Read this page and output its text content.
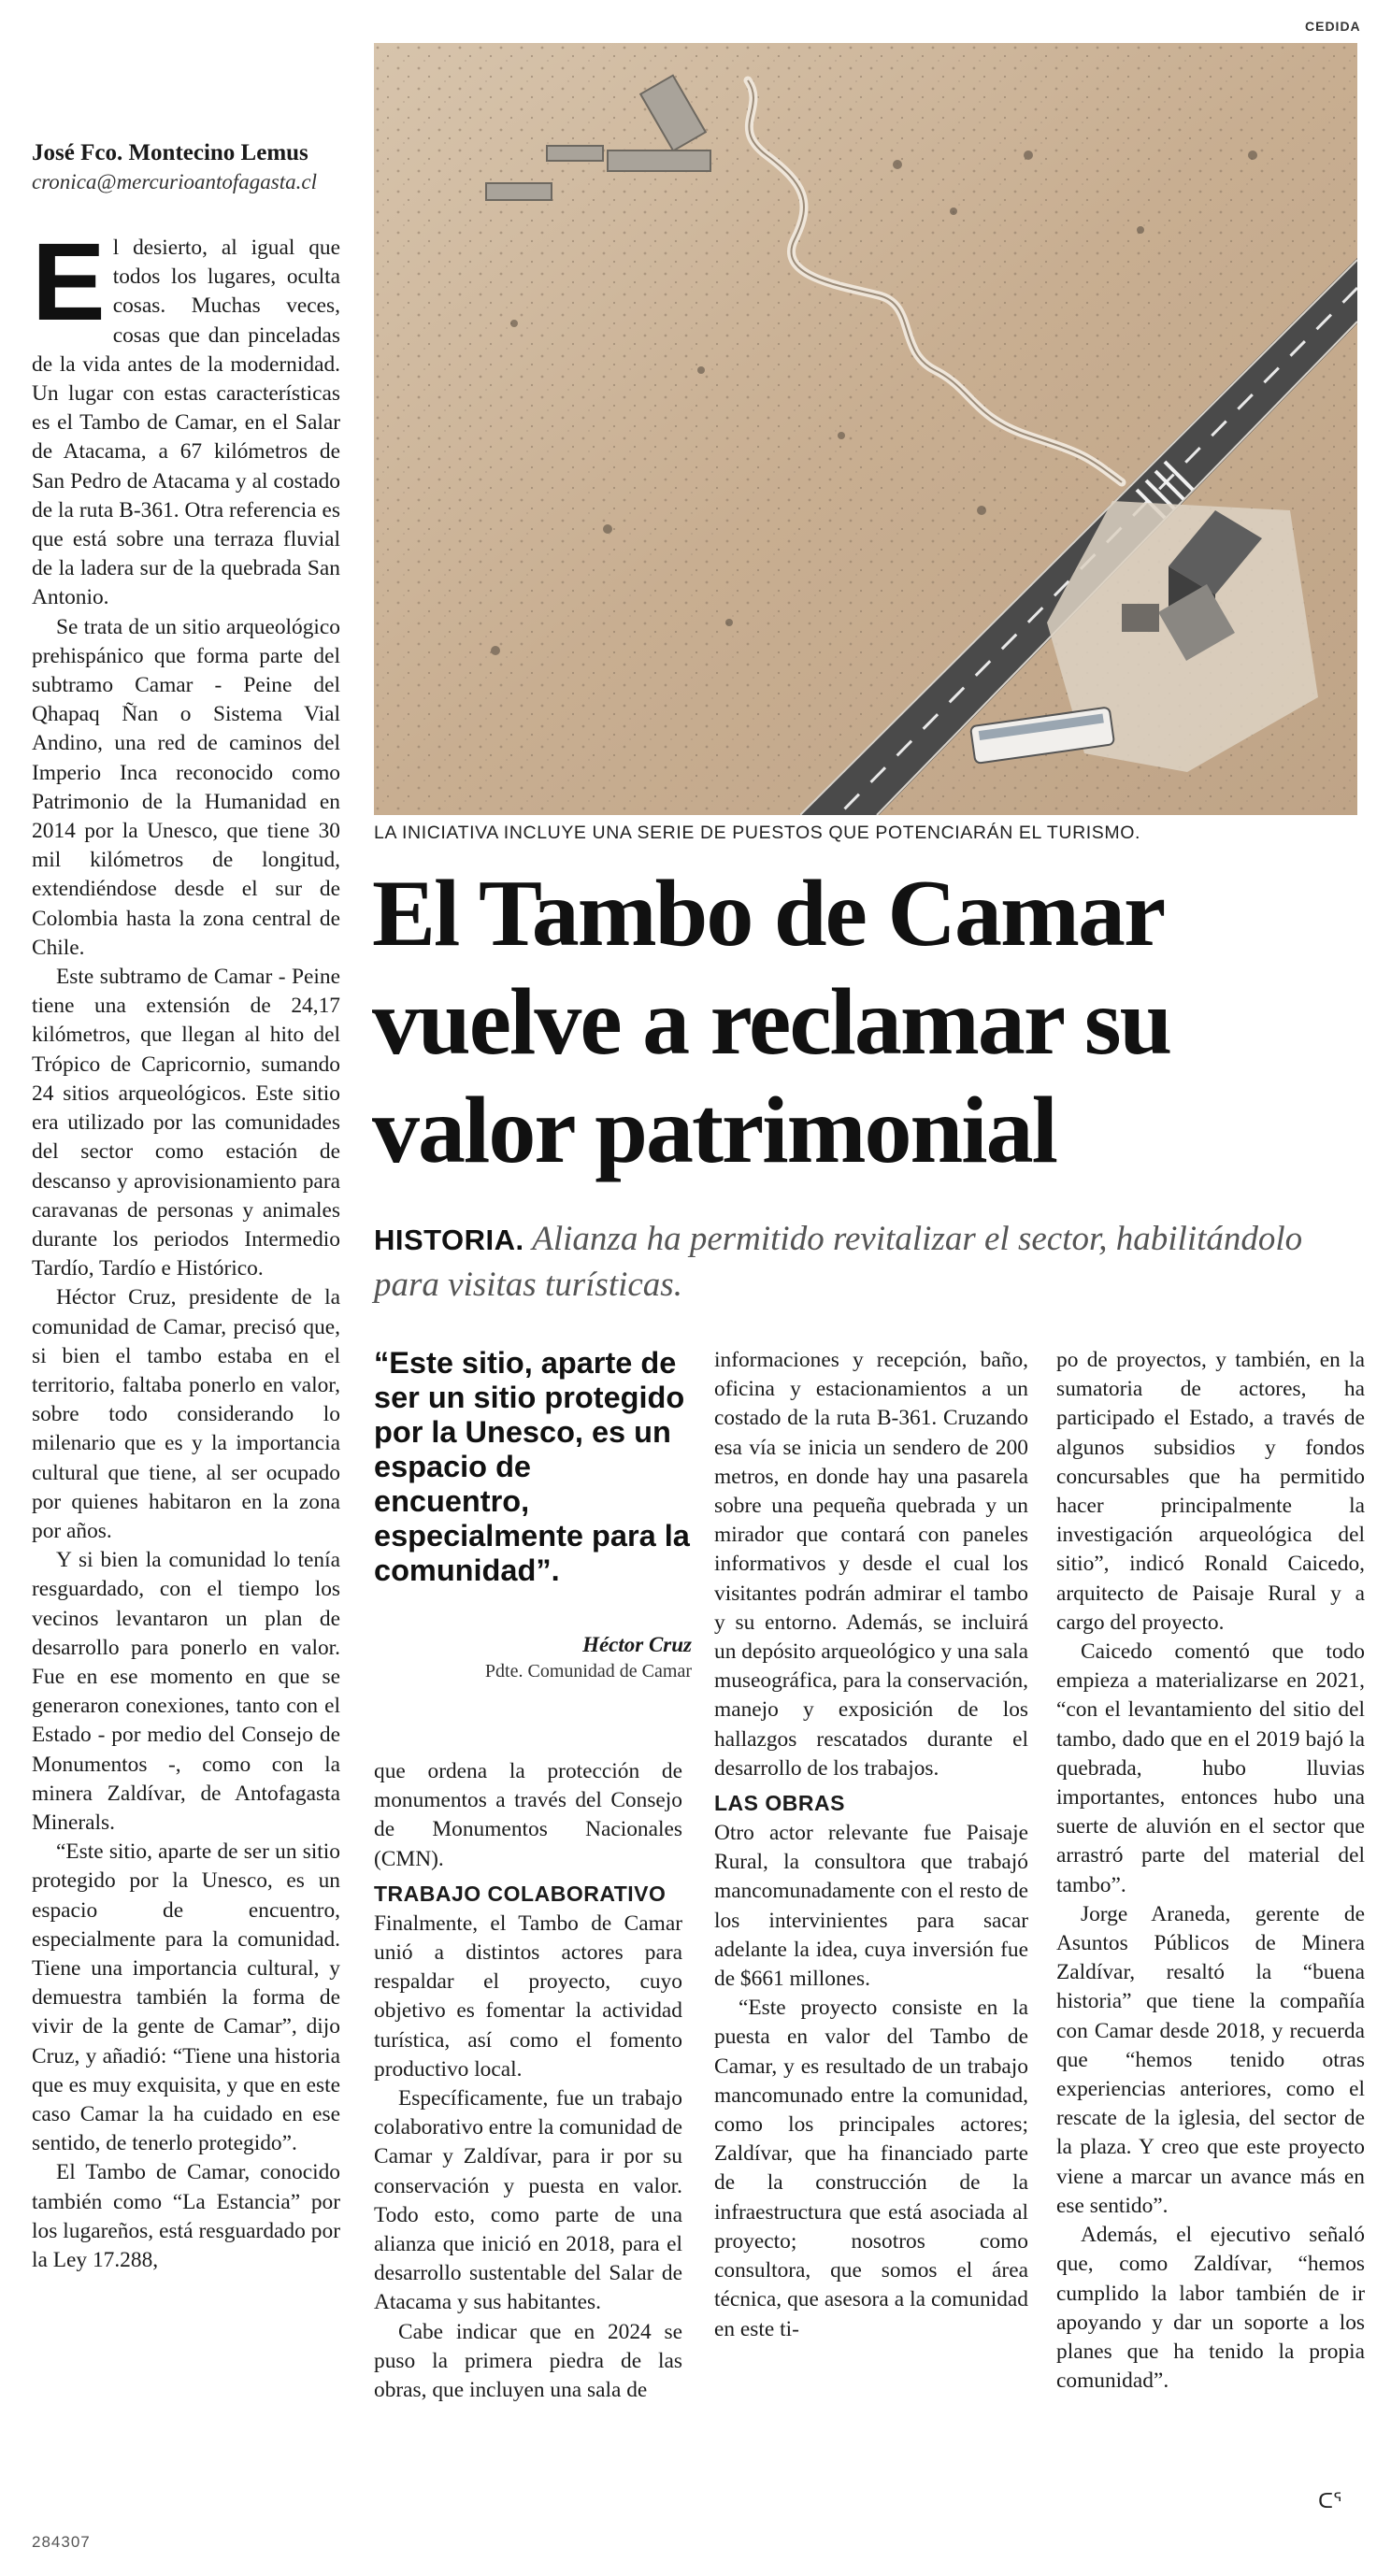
CEDIDA
José Fco. Montecino Lemus
cronica@mercurioantofagasta.cl

El desierto, al igual que todos los lugares, oculta cosas. Muchas veces, cosas que dan pinceladas de la vida antes de la modernidad. Un lugar con estas características es el Tambo de Camar, en el Salar de Atacama, a 67 kilómetros de San Pedro de Atacama y al costado de la ruta B-361. Otra referencia es que está sobre una terraza fluvial de la ladera sur de la quebrada San Antonio.

Se trata de un sitio arqueológico prehispánico que forma parte del subtramo Camar - Peine del Qhapaq Ñan o Sistema Vial Andino, una red de caminos del Imperio Inca reconocido como Patrimonio de la Humanidad en 2014 por la Unesco, que tiene 30 mil kilómetros de longitud, extendiéndose desde el sur de Colombia hasta la zona central de Chile.

Este subtramo de Camar - Peine tiene una extensión de 24,17 kilómetros, que llegan al hito del Trópico de Capricornio, sumando 24 sitios arqueológicos. Este sitio era utilizado por las comunidades del sector como estación de descanso y aprovisionamiento para caravanas de personas y animales durante los periodos Intermedio Tardío, Tardío e Histórico.

Héctor Cruz, presidente de la comunidad de Camar, precisó que, si bien el tambo estaba en el territorio, faltaba ponerlo en valor, sobre todo considerando lo milenario que es y la importancia cultural que tiene, al ser ocupado por quienes habitaron en la zona por años.

Y si bien la comunidad lo tenía resguardado, con el tiempo los vecinos levantaron un plan de desarrollo para ponerlo en valor. Fue en ese momento en que se generaron conexiones, tanto con el Estado - por medio del Consejo de Monumentos -, como con la minera Zaldívar, de Antofagasta Minerals.

“Este sitio, aparte de ser un sitio protegido por la Unesco, es un espacio de encuentro, especialmente para la comunidad. Tiene una importancia cultural, y demuestra también la forma de vivir de la gente de Camar”, dijo Cruz, y añadió: “Tiene una historia que es muy exquisita, y que en este caso Camar la ha cuidado en ese sentido, de tenerlo protegido”.

El Tambo de Camar, conocido también como “La Estancia” por los lugareños, está resguardado por la Ley 17.288,

LA INICIATIVA INCLUYE UNA SERIE DE PUESTOS QUE POTENCIARÁN EL TURISMO.
El Tambo de Camar vuelve a reclamar su valor patrimonial
HISTORIA. Alianza ha permitido revitalizar el sector, habilitándolo para visitas turísticas.

“Este sitio, aparte de ser un sitio protegido por la Unesco, es un espacio de encuentro, especialmente para la comunidad”.

Héctor Cruz
Pdte. Comunidad de Camar

que ordena la protección de monumentos a través del Consejo de Monumentos Nacionales (CMN).

TRABAJO COLABORATIVO

Finalmente, el Tambo de Camar unió a distintos actores para respaldar el proyecto, cuyo objetivo es fomentar la actividad turística, así como el fomento productivo local.

Específicamente, fue un trabajo colaborativo entre la comunidad de Camar y Zaldívar, para ir por su conservación y puesta en valor. Todo esto, como parte de una alianza que inició en 2018, para el desarrollo sustentable del Salar de Atacama y sus habitantes.

Cabe indicar que en 2024 se puso la primera piedra de las obras, que incluyen una sala de

informaciones y recepción, baño, oficina y estacionamientos a un costado de la ruta B-361. Cruzando esa vía se inicia un sendero de 200 metros, en donde hay una pasarela sobre una pequeña quebrada y un mirador que contará con paneles informativos y desde el cual los visitantes podrán admirar el tambo y su entorno. Además, se incluirá un depósito arqueológico y una sala museográfica, para la conservación, manejo y exposición de los hallazgos rescatados durante el desarrollo de los trabajos.

LAS OBRAS

Otro actor relevante fue Paisaje Rural, la consultora que trabajó mancomunadamente con el resto de los intervinientes para sacar adelante la idea, cuya inversión fue de $661 millones.

“Este proyecto consiste en la puesta en valor del Tambo de Camar, y es resultado de un trabajo mancomunado entre la comunidad, como los principales actores; Zaldívar, que ha financiado parte de la construcción de la infraestructura que está asociada al proyecto; nosotros como consultora, que somos el área técnica, que asesora a la comunidad en este ti-

po de proyectos, y también, en la sumatoria de actores, ha participado el Estado, a través de algunos subsidios y fondos concursables que ha permitido hacer principalmente la investigación arqueológica del sitio”, indicó Ronald Caicedo, arquitecto de Paisaje Rural y a cargo del proyecto.

Caicedo comentó que todo empieza a materializarse en 2021, “con el levantamiento del sitio del tambo, dado que en el 2019 bajó la quebrada, hubo lluvias importantes, entonces hubo una suerte de aluvión en el sector que arrastró parte del material del tambo”.

Jorge Araneda, gerente de Asuntos Públicos de Minera Zaldívar, resaltó la “buena historia” que tiene la compañía con Camar desde 2018, y recuerda que “hemos tenido otras experiencias anteriores, como el rescate de la iglesia, del sector de la plaza. Y creo que este proyecto viene a marcar un avance más en ese sentido”.

Además, el ejecutivo señaló que, como Zaldívar, “hemos cumplido la labor también de ir apoyando y dar un soporte a los planes que ha tenido la propia comunidad”.

ᑕᕐ
284307
